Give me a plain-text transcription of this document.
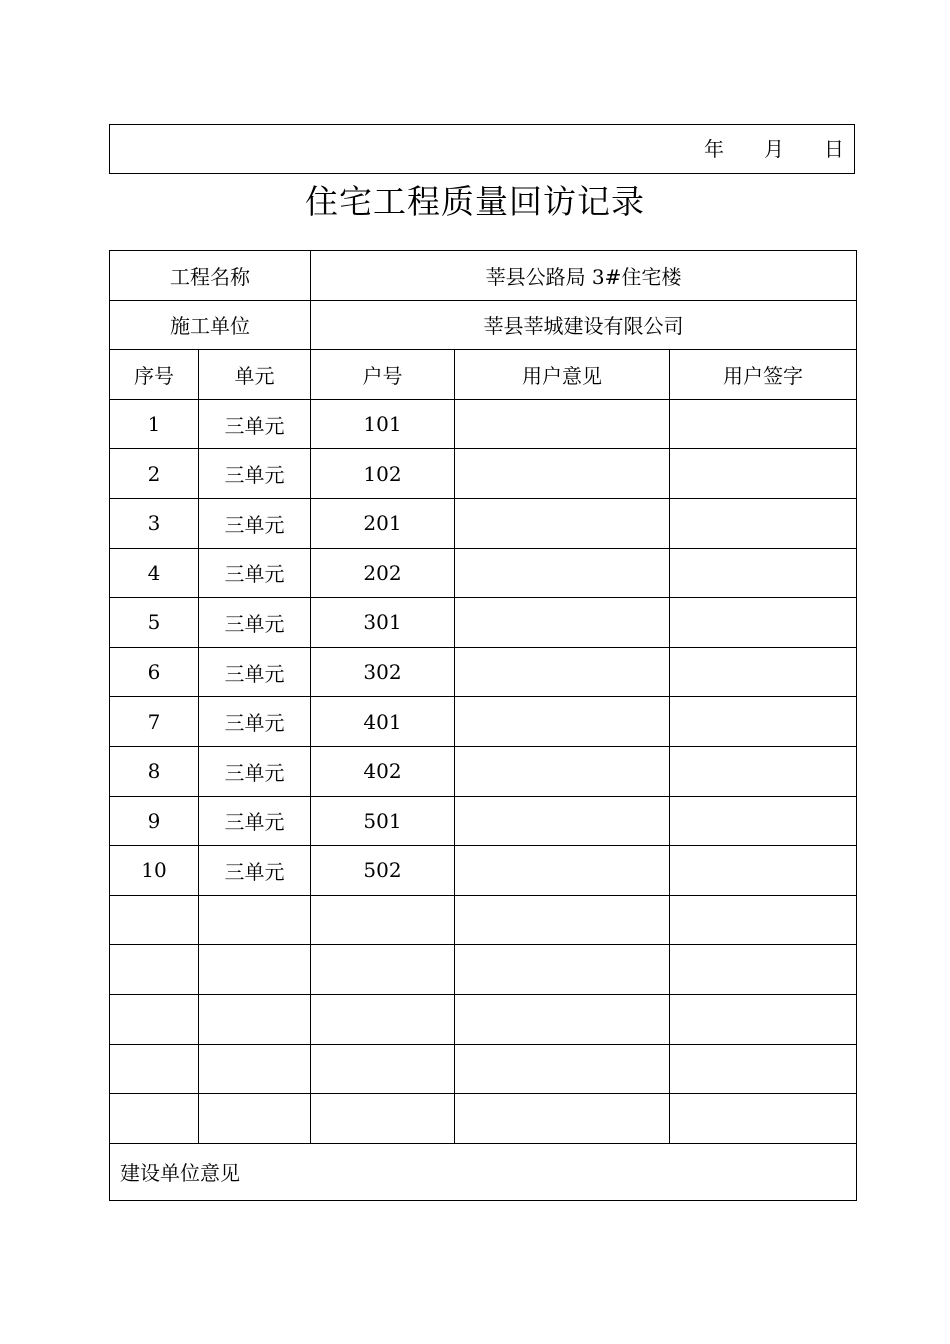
年　　月　　日
住宅工程质量回访记录
工程名称		莘县公路局 3#住宅楼		
施工单位		莘县莘城建设有限公司		
序号	单元	户号	用户意见	用户签字
1	三单元	101		
2	三单元	102		
3	三单元	201		
4	三单元	202		
5	三单元	301		
6	三单元	302		
7	三单元	401		
8	三单元	402		
9	三单元	501		
10	三单元	502		

建设单位意见				
